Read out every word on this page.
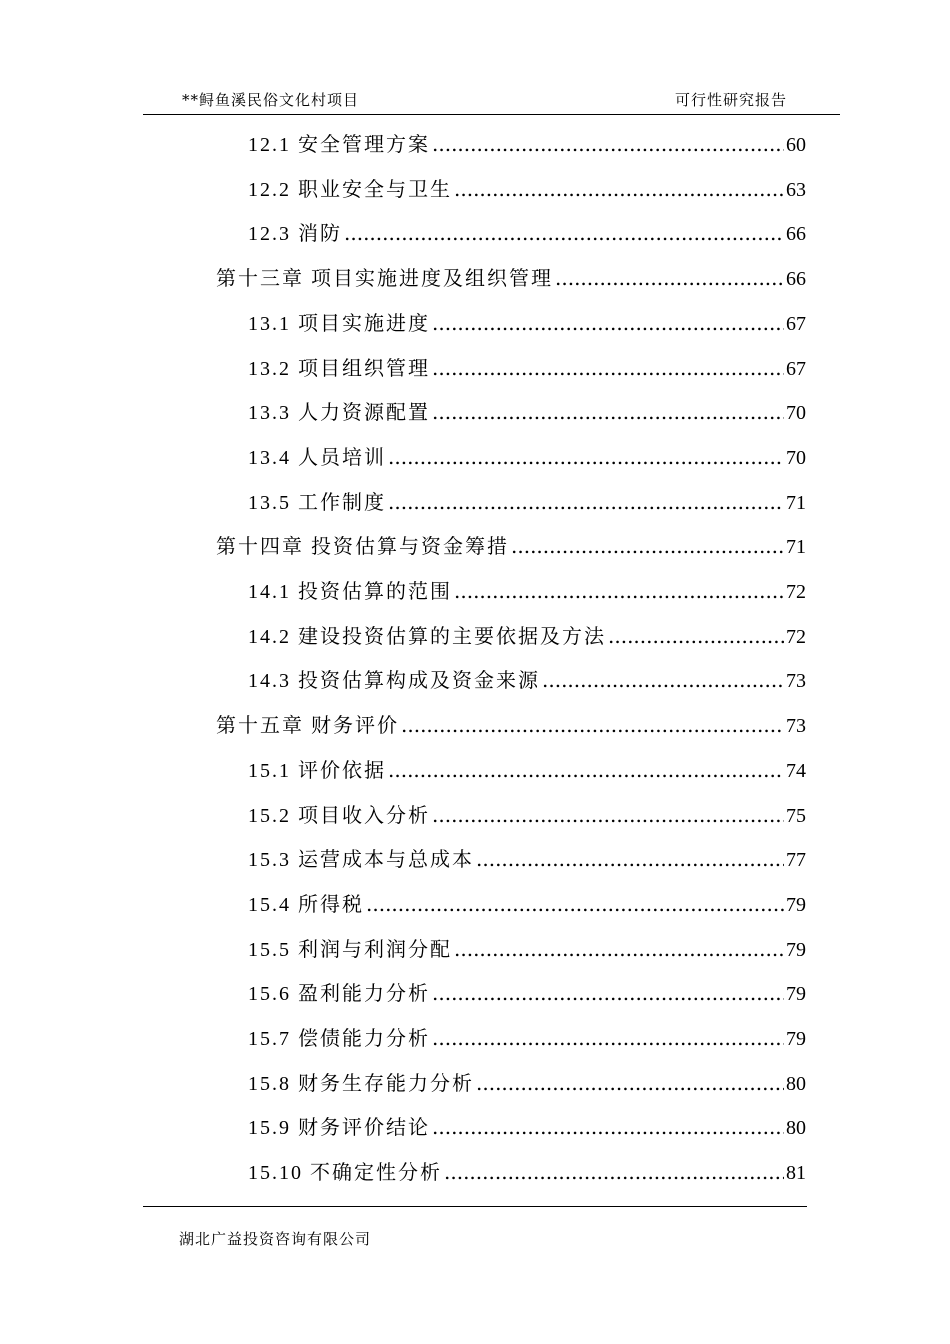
**鲟鱼溪民俗文化村项目	可行性研究报告
12.1 安全管理方案 .....	60
12.2 职业安全与卫生 .....	63
12.3 消防 .....	66
第十三章 项目实施进度及组织管理 .....	66
13.1 项目实施进度 .....	67
13.2 项目组织管理 .....	67
13.3 人力资源配置 .....	70
13.4 人员培训 .....	70
13.5 工作制度 .....	71
第十四章 投资估算与资金筹措 .....	71
14.1 投资估算的范围 .....	72
14.2 建设投资估算的主要依据及方法 .....	72
14.3 投资估算构成及资金来源 .....	73
第十五章 财务评价 .....	73
15.1 评价依据 .....	74
15.2 项目收入分析 .....	75
15.3 运营成本与总成本 .....	77
15.4 所得税 .....	79
15.5 利润与利润分配 .....	79
15.6 盈利能力分析 .....	79
15.7 偿债能力分析 .....	79
15.8 财务生存能力分析 .....	80
15.9 财务评价结论 .....	80
15.10 不确定性分析 .....	81
湖北广益投资咨询有限公司
